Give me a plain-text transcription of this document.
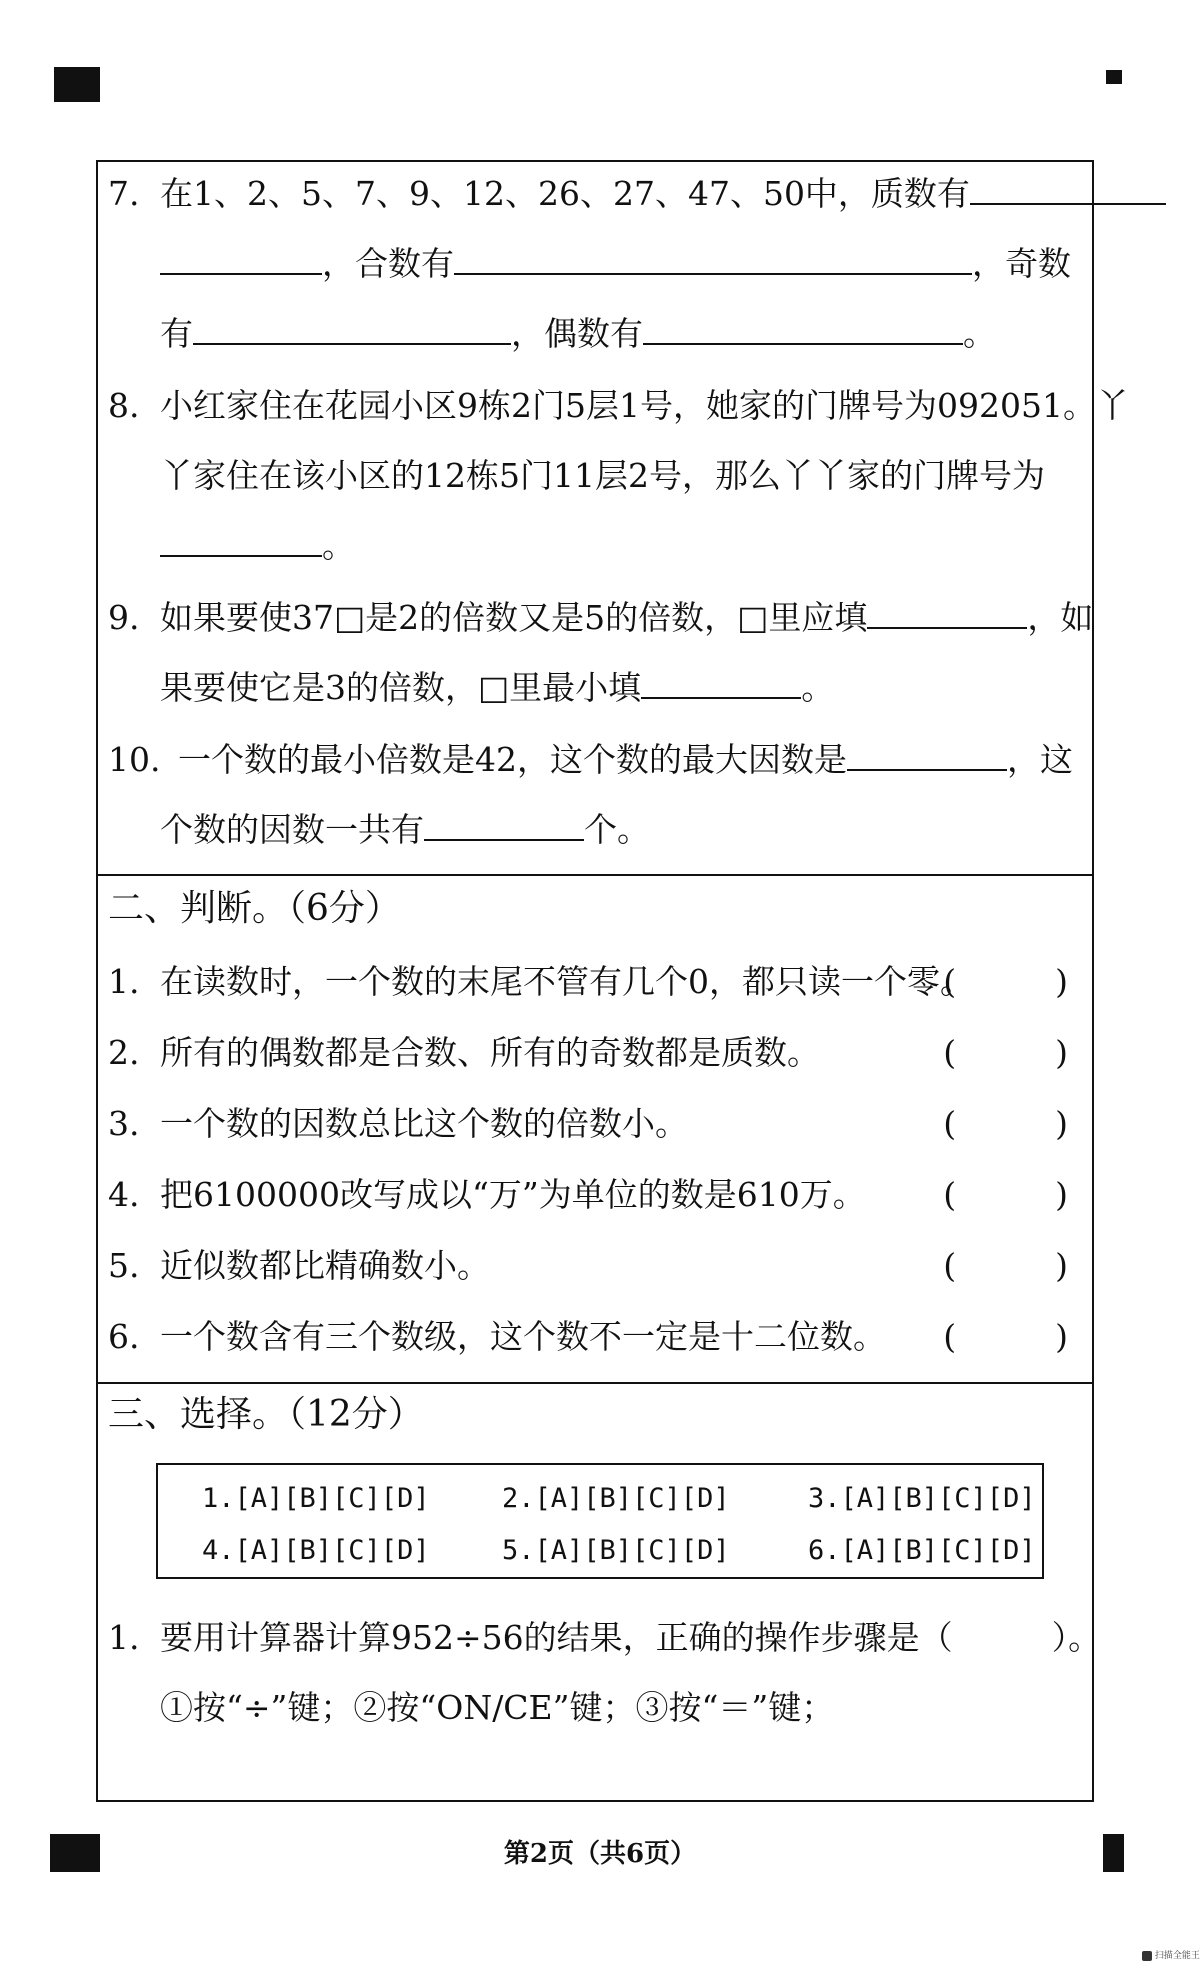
7. 在1、2、5、7、9、12、26、27、47、50中，质数有
，合数有	，奇数
有	，偶数有	。
8. 小红家住在花园小区9栋2门5层1号，她家的门牌号为092051。丫
丫家住在该小区的12栋5门11层2号，那么丫丫家的门牌号为
。
9. 如果要使37□是2的倍数又是5的倍数，□里应填	，如
果要使它是3的倍数，□里最小填	。
10. 一个数的最小倍数是42，这个数的最大因数是	，这
个数的因数一共有	个。
二、判断。（6分）
1. 在读数时，一个数的末尾不管有几个0，都只读一个零。
(　　　)
2. 所有的偶数都是合数、所有的奇数都是质数。	(　　　)
3. 一个数的因数总比这个数的倍数小。	(　　　)
4. 把6100000改写成以“万”为单位的数是610万。 (　　　)
5. 近似数都比精确数小。	(　　　)
6. 一个数含有三个数级，这个数不一定是十二位数。 (　　　)
三、选择。（12分）
1.[A][B][C][D]	2.[A][B][C][D]	3.[A][B][C][D]
4.[A][B][C][D]	5.[A][B][C][D]	6.[A][B][C][D]
1. 要用计算器计算952÷56的结果，正确的操作步骤是（　　　）。
①按“÷”键；②按“ON/CE”键；③按“＝”键；
第2页（共6页）
扫描全能王
